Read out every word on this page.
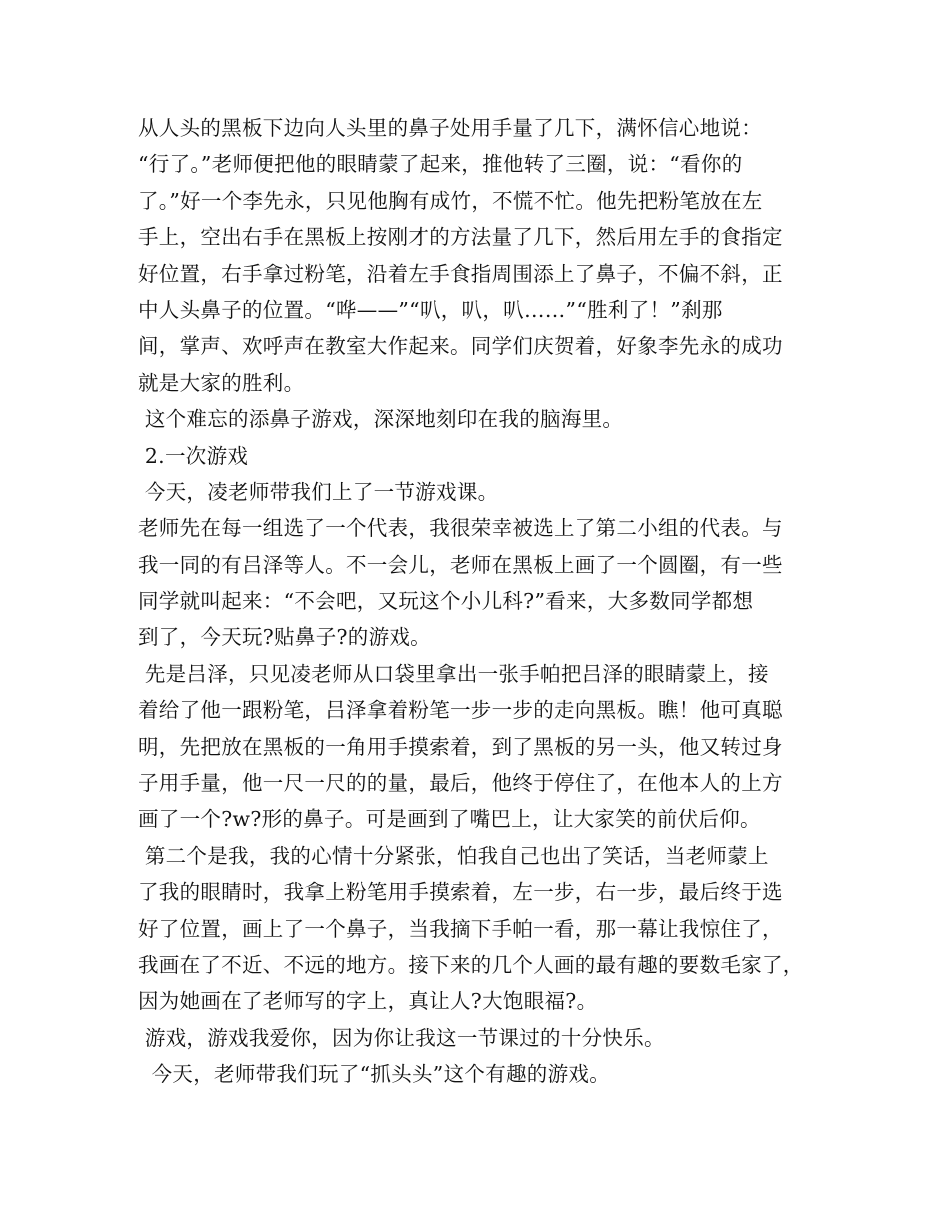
从人头的黑板下边向人头里的鼻子处用手量了几下，满怀信心地说：
“行了。”老师便把他的眼睛蒙了起来，推他转了三圈，说：“看你的
了。”好一个李先永，只见他胸有成竹，不慌不忙。他先把粉笔放在左
手上，空出右手在黑板上按刚才的方法量了几下，然后用左手的食指定
好位置，右手拿过粉笔，沿着左手食指周围添上了鼻子，不偏不斜，正
中人头鼻子的位置。“哗——”“叭，叭，叭……”“胜利了！”刹那
间，掌声、欢呼声在教室大作起来。同学们庆贺着，好象李先永的成功
就是大家的胜利。
这个难忘的添鼻子游戏，深深地刻印在我的脑海里。
2.一次游戏
今天，凌老师带我们上了一节游戏课。
老师先在每一组选了一个代表，我很荣幸被选上了第二小组的代表。与
我一同的有吕泽等人。不一会儿，老师在黑板上画了一个圆圈，有一些
同学就叫起来：“不会吧，又玩这个小儿科?”看来，大多数同学都想
到了，今天玩?贴鼻子?的游戏。
先是吕泽，只见凌老师从口袋里拿出一张手帕把吕泽的眼睛蒙上，接
着给了他一跟粉笔，吕泽拿着粉笔一步一步的走向黑板。瞧！他可真聪
明，先把放在黑板的一角用手摸索着，到了黑板的另一头，他又转过身
子用手量，他一尺一尺的的量，最后，他终于停住了，在他本人的上方
画了一个?w?形的鼻子。可是画到了嘴巴上，让大家笑的前伏后仰。
第二个是我，我的心情十分紧张，怕我自己也出了笑话，当老师蒙上
了我的眼睛时，我拿上粉笔用手摸索着，左一步，右一步，最后终于选
好了位置，画上了一个鼻子，当我摘下手帕一看，那一幕让我惊住了，
我画在了不近、不远的地方。接下来的几个人画的最有趣的要数毛家了，
因为她画在了老师写的字上，真让人?大饱眼福?。
游戏，游戏我爱你，因为你让我这一节课过的十分快乐。
今天，老师带我们玩了“抓头头”这个有趣的游戏。
